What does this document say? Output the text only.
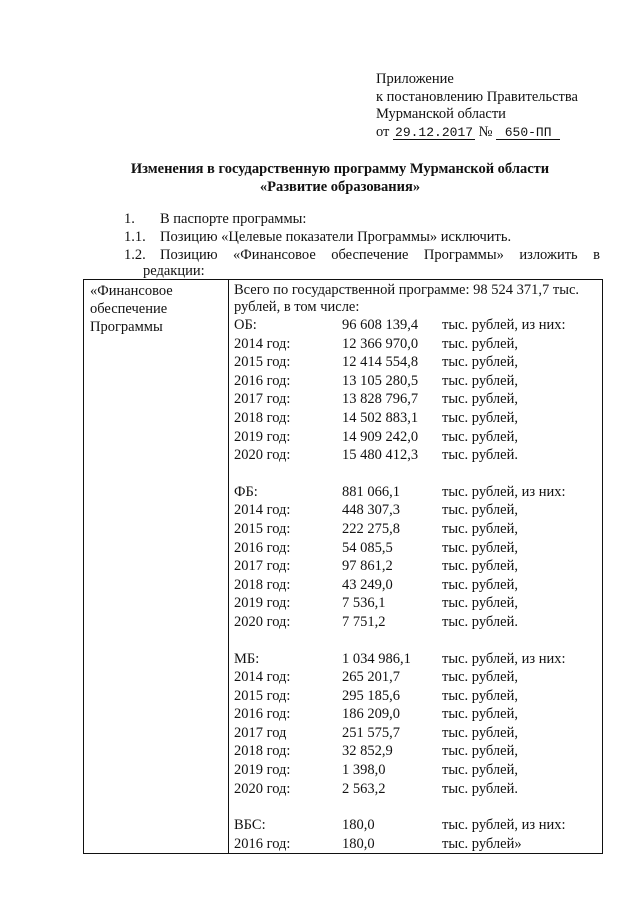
Приложение
к постановлению Правительства
Мурманской области
от 29.12.2017 № 650-ПП
Изменения в государственную программу Мурманской области
«Развитие образования»
1. В паспорте программы:
1.1. Позицию «Целевые показатели Программы» исключить.
1.2. Позицию «Финансовое обеспечение Программы» изложить в
редакции:
«Финансовое обеспечение Программы	
Всего по государственной программе: 98 524 371,7 тыс. рублей, в том числе:
ОБ:	96 608 139,4 тыс. рублей, из них:
2014 год:	12 366 970,0 тыс. рублей,
2015 год:	12 414 554,8 тыс. рублей,
2016 год:	13 105 280,5 тыс. рублей,
2017 год:	13 828 796,7 тыс. рублей,
2018 год:	14 502 883,1 тыс. рублей,
2019 год:	14 909 242,0 тыс. рублей,
2020 год:	15 480 412,3 тыс. рублей.
ФБ:	881 066,1	тыс. рублей, из них:
2014 год:	448 307,3	тыс. рублей,
2015 год:	222 275,8	тыс. рублей,
2016 год:	54 085,5	тыс. рублей,
2017 год:	97 861,2	тыс. рублей,
2018 год:	43 249,0	тыс. рублей,
2019 год:	7 536,1	тыс. рублей,
2020 год:	7 751,2	тыс. рублей.
МБ:	1 034 986,1 тыс. рублей, из них:
2014 год:	265 201,7	тыс. рублей,
2015 год:	295 185,6	тыс. рублей,
2016 год:	186 209,0	тыс. рублей,
2017 год	251 575,7	тыс. рублей,
2018 год:	32 852,9	тыс. рублей,
2019 год:	1 398,0	тыс. рублей,
2020 год:	2 563,2	тыс. рублей.
ВБС:	180,0	тыс. рублей, из них:
2016 год:	180,0	тыс. рублей»
